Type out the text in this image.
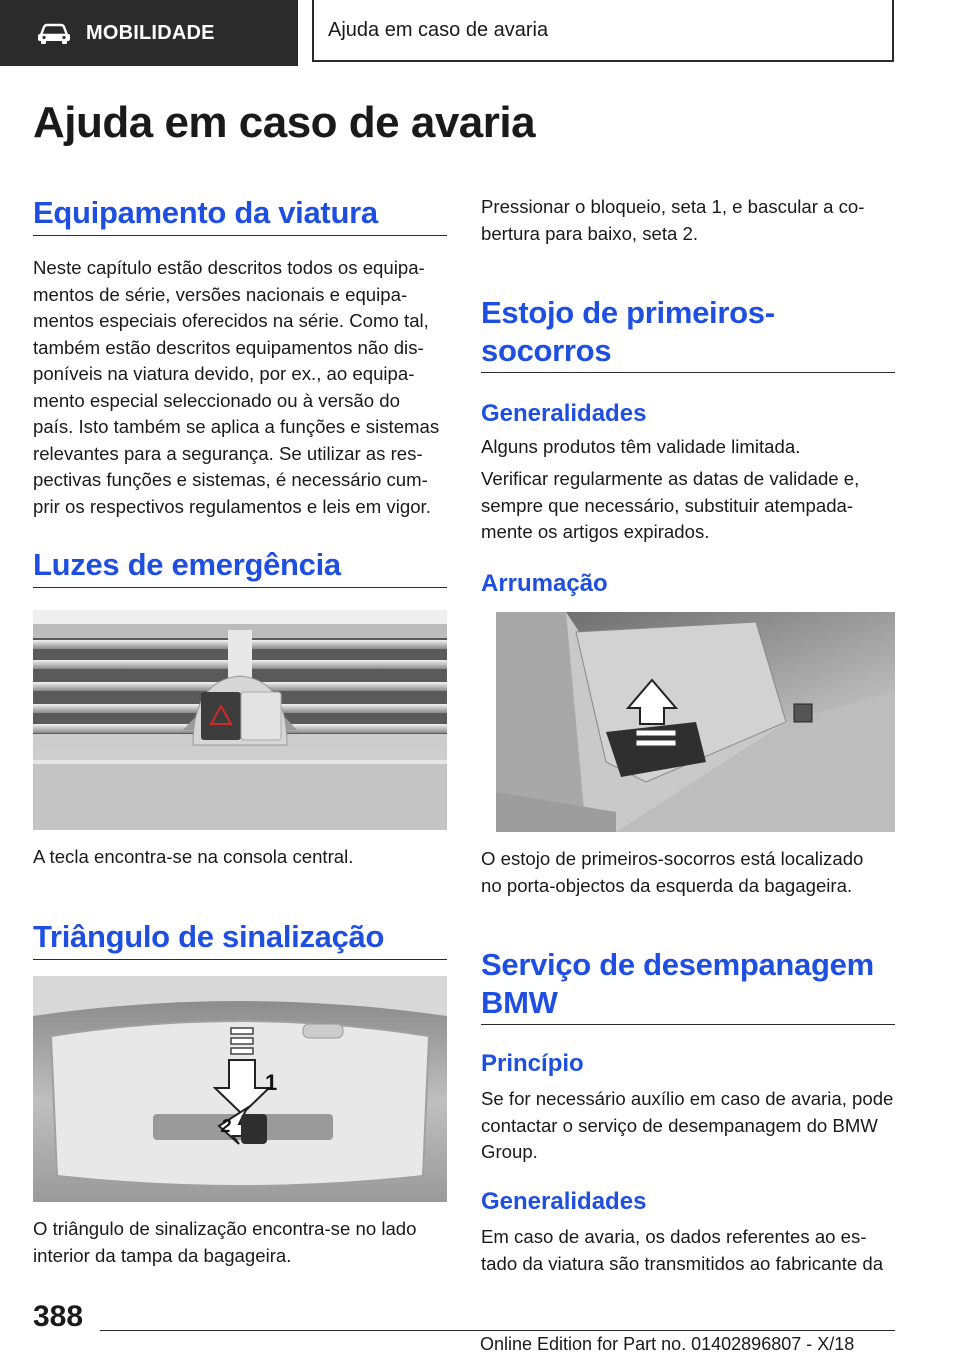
MOBILIDADE	Ajuda em caso de avaria
Ajuda em caso de avaria
Equipamento da viatura
Neste capítulo estão descritos todos os equipa‐
mentos de série, versões nacionais e equipa‐
mentos especiais oferecidos na série. Como tal,
também estão descritos equipamentos não dis‐
poníveis na viatura devido, por ex., ao equipa‐
mento especial seleccionado ou à versão do
país. Isto também se aplica a funções e sistemas
relevantes para a segurança. Se utilizar as res‐
pectivas funções e sistemas, é necessário cum‐
prir os respectivos regulamentos e leis em vigor.
Luzes de emergência
A tecla encontra-se na consola central.
Triângulo de sinalização
1
2
O triângulo de sinalização encontra-se no lado
interior da tampa da bagageira.
Pressionar o bloqueio, seta 1, e bascular a co‐
bertura para baixo, seta 2.
Estojo de primeiros-
socorros
Generalidades
Alguns produtos têm validade limitada.
Verificar regularmente as datas de validade e,
sempre que necessário, substituir atempada‐
mente os artigos expirados.
Arrumação
O estojo de primeiros-socorros está localizado
no porta-objectos da esquerda da bagageira.
Serviço de desempanagem
BMW
Princípio
Se for necessário auxílio em caso de avaria, pode
contactar o serviço de desempanagem do BMW
Group.
Generalidades
Em caso de avaria, os dados referentes ao es‐
tado da viatura são transmitidos ao fabricante da
388
Online Edition for Part no. 01402896807 - X/18
